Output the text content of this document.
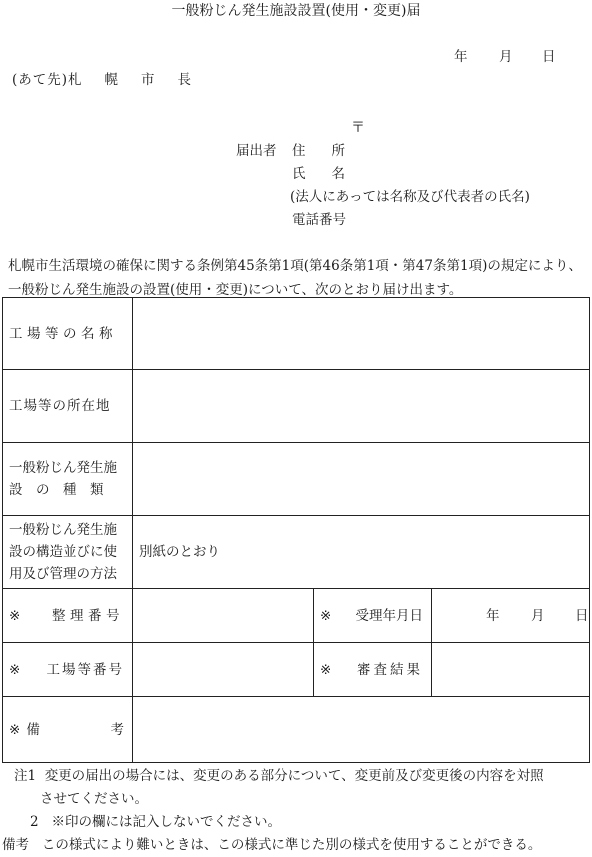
一般粉じん発生施設設置(使用・変更)届
年 月 日
(あて先)札 幌 市 長
〒
届出者 住 所
氏 名
(法人にあっては名称及び代表者の氏名)
電話番号
札幌市生活環境の確保に関する条例第45条第1項(第46条第1項・第47条第1項)の規定により、一般粉じん発生施設の設置(使用・変更)について、次のとおり届け出ます。
工場等の名称			
工場等の所在地			

一般粉じん発生施
設　の　種　類			

一般粉じん発生施
設の構造並びに使
用及び管理の方法	別紙のとおり		

※ 整理番号		※ 受理年月日	年 月 日

※ 工場等番号		※ 審査結果	

※ 備 考			

注1 変更の届出の場合には、変更のある部分について、変更前及び変更後の内容を対照
させてください。
2 ※印の欄には記入しないでください。
備考 この様式により難いときは、この様式に準じた別の様式を使用することができる。
